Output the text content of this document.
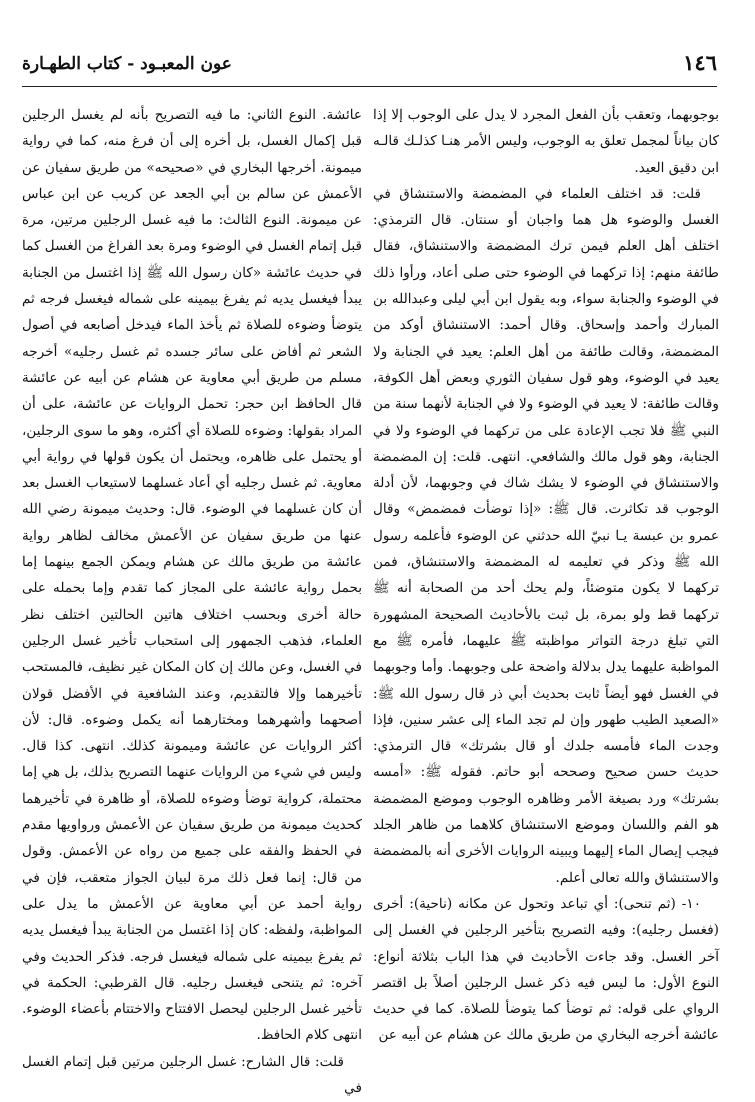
١٤٦
عون المعبـود - كتاب الطهـارة

بوجوبهما، وتعقب بأن الفعل المجرد لا يدل على الوجوب إلا إذا كان بياناً لمجمل تعلق به الوجوب، وليس الأمر هنـا كذلـك قالـه ابن دقيق العيد.

قلت: قد اختلف العلماء في المضمضة والاستنشاق في الغسل والوضوء هل هما واجبان أو سنتان. قال الترمذي: اختلف أهل العلم فيمن ترك المضمضة والاستنشاق، فقال طائفة منهم: إذا تركهما في الوضوء حتى صلى أعاد، ورأوا ذلك في الوضوء والجنابة سواء، وبه يقول ابن أبي ليلى وعبدالله بن المبارك وأحمد وإسحاق. وقال أحمد: الاستنشاق أوكد من المضمضة، وقالت طائفة من أهل العلم: يعيد في الجنابة ولا يعيد في الوضوء، وهو قول سفيان الثوري وبعض أهل الكوفة، وقالت طائفة: لا يعيد في الوضوء ولا في الجنابة لأنهما سنة من النبي ﷺ فلا تجب الإعادة على من تركهما في الوضوء ولا في الجنابة، وهو قول مالك والشافعي. انتهى. قلت: إن المضمضة والاستنشاق في الوضوء لا يشك شاك في وجوبهما، لأن أدلة الوجوب قد تكاثرت. قال ﷺ: «إذا توضأت فمضمض» وقال عمرو بن عبسة يـا نبيّ الله حدثني عن الوضوء فأعلمه رسول الله ﷺ وذكر في تعليمه له المضمضة والاستنشاق، فمن تركهما لا يكون متوضئاً، ولم يحك أحد من الصحابة أنه ﷺ تركهما قط ولو بمرة، بل ثبت بالأحاديث الصحيحة المشهورة التي تبلغ درجة التواتر مواظبته ﷺ عليهما، فأمره ﷺ مع المواظبة عليهما يدل بدلالة واضحة على وجوبهما. وأما وجوبهما في الغسل فهو أيضاً ثابت بحديث أبي ذر قال رسول الله ﷺ: «الصعيد الطيب طهور وإن لم تجد الماء إلى عشر سنين، فإذا وجدت الماء فأمسه جلدك أو قال بشرتك» قال الترمذي: حديث حسن صحيح وصححه أبو حاتم. فقوله ﷺ: «أمسه بشرتك» ورد بصيغة الأمر وظاهره الوجوب وموضع المضمضة هو الفم واللسان وموضع الاستنشاق كلاهما من ظاهر الجلد فيجب إيصال الماء إليهما ويبينه الروايات الأخرى أنه بالمضمضة والاستنشاق والله تعالى أعلم.

١٠- (ثم تنحى): أي تباعد وتحول عن مكانه (ناحية): أخرى (فغسل رجليه): وفيه التصريح بتأخير الرجلين في الغسل إلى آخر الغسل. وقد جاءت الأحاديث في هذا الباب بثلاثة أنواع: النوع الأول: ما ليس فيه ذكر غسل الرجلين أصلاً بل اقتصر الرواي على قوله: ثم توضأ كما يتوضأ للصلاة. كما في حديث عائشة أخرجه البخاري من طريق مالك عن هشام عن أبيه عن

عائشة. النوع الثاني: ما فيه التصريح بأنه لم يغسل الرجلين قبل إكمال الغسل، بل أخره إلى أن فرغ منه، كما في رواية ميمونة. أخرجها البخاري في «صحيحه» من طريق سفيان عن الأعمش عن سالم بن أبي الجعد عن كريب عن ابن عباس عن ميمونة. النوع الثالث: ما فيه غسل الرجلين مرتين، مرة قبل إتمام الغسل في الوضوء ومرة بعد الفراغ من الغسل كما في حديث عائشة «كان رسول الله ﷺ إذا اغتسل من الجنابة يبدأ فيغسل يديه ثم يفرغ بيمينه على شماله فيغسل فرجه ثم يتوضأ وضوءه للصلاة ثم يأخذ الماء فيدخل أصابعه في أصول الشعر ثم أفاض على سائر جسده ثم غسل رجليه» أخرجه مسلم من طريق أبي معاوية عن هشام عن أبيه عن عائشة قال الحافظ ابن حجر: تحمل الروايات عن عائشة، على أن المراد بقولها: وضوءه للصلاة أي أكثره، وهو ما سوى الرجلين، أو يحتمل على ظاهره، ويحتمل أن يكون قولها في رواية أبي معاوية. ثم غسل رجليه أي أعاد غسلهما لاستيعاب الغسل بعد أن كان غسلهما في الوضوء. قال: وحديث ميمونة رضي الله عنها من طريق سفيان عن الأعمش مخالف لظاهر رواية عائشة من طريق مالك عن هشام ويمكن الجمع بينهما إما بحمل رواية عائشة على المجاز كما تقدم وإما بحمله على حالة أخرى وبحسب اختلاف هاتين الحالتين اختلف نظر العلماء، فذهب الجمهور إلى استحباب تأخير غسل الرجلين في الغسل، وعن مالك إن كان المكان غير نظيف، فالمستحب تأخيرهما وإلا فالتقديم، وعند الشافعية في الأفضل قولان أصحهما وأشهرهما ومختارهما أنه يكمل وضوءه. قال: لأن أكثر الروايات عن عائشة وميمونة كذلك. انتهى. كذا قال. وليس في شيء من الروايات عنهما التصريح بذلك، بل هي إما محتملة، كرواية توضأ وضوءه للصلاة، أو ظاهرة في تأخيرهما كحديث ميمونة من طريق سفيان عن الأعمش ورواويها مقدم في الحفظ والفقه على جميع من رواه عن الأعمش. وقول من قال: إنما فعل ذلك مرة لبيان الجواز متعقب، فإن في رواية أحمد عن أبي معاوية عن الأعمش ما يدل على المواظبة، ولفظه: كان إذا اغتسل من الجنابة يبدأ فيغسل يديه ثم يفرغ بيمينه على شماله فيغسل فرجه. فذكر الحديث وفي آخره: ثم يتنحى فيغسل رجليه. قال القرطبي: الحكمة في تأخير غسل الرجلين ليحصل الافتتاح والاختتام بأعضاء الوضوء. انتهى كلام الحافظ.

قلت: قال الشارح: غسل الرجلين مرتين قبل إتمام الغسل في
